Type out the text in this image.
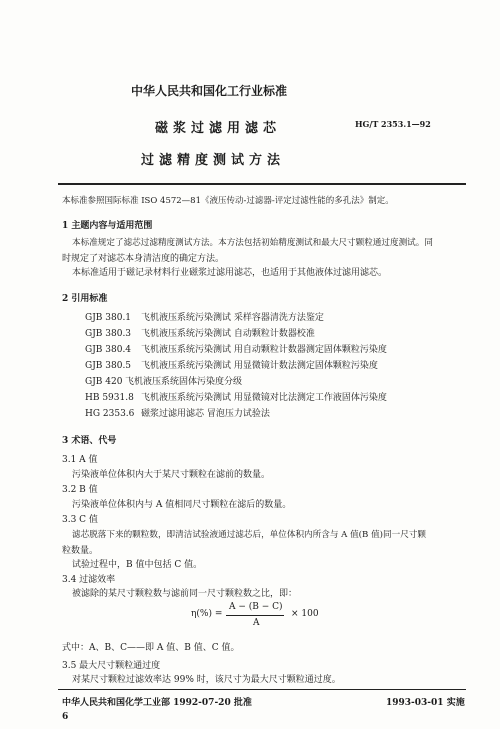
中华人民共和国化工行业标准
磁浆过滤用滤芯	HG/T 2353.1—92
过滤精度测试方法
本标准参照国际标准 ISO 4572—81《液压传动-过滤器-评定过滤性能的多孔法》制定。
1 主题内容与适用范围
本标准规定了滤芯过滤精度测试方法。本方法包括初始精度测试和最大尺寸颗粒通过度测试。同
时规定了对滤芯本身清洁度的确定方法。
本标准适用于磁记录材料行业磁浆过滤用滤芯，也适用于其他液体过滤用滤芯。
2 引用标准
GJB 380.1 飞机液压系统污染测试 采样容器清洗方法鉴定
GJB 380.3 飞机液压系统污染测试 自动颗粒计数器校准
GJB 380.4 飞机液压系统污染测试 用自动颗粒计数器测定固体颗粒污染度
GJB 380.5 飞机液压系统污染测试 用显微镜计数法测定固体颗粒污染度
GJB 420 飞机液压系统固体污染度分级
HB 5931.8 飞机液压系统污染测试 用显微镜对比法测定工作液固体污染度
HG 2353.6 磁浆过滤用滤芯 冒泡压力试验法
3 术语、代号
3.1 A 值
污染液单位体积内大于某尺寸颗粒在滤前的数量。
3.2 B 值
污染液单位体积内与 A 值相同尺寸颗粒在滤后的数量。
3.3 C 值
滤芯脱落下来的颗粒数，即清洁试验液通过滤芯后，单位体积内所含与 A 值(B 值)同一尺寸颗
粒数量。
试验过程中，B 值中包括 C 值。
3.4 过滤效率
被滤除的某尺寸颗粒数与滤前同一尺寸颗粒数之比，即：
η(%) =
A − (B − C)
A
× 100
式中：A、B、C——即 A 值、B 值、C 值。
3.5 最大尺寸颗粒通过度
对某尺寸颗粒过滤效率达 99% 时，该尺寸为最大尺寸颗粒通过度。
中华人民共和国化学工业部 1992-07-20 批准	1993-03-01 实施
6
